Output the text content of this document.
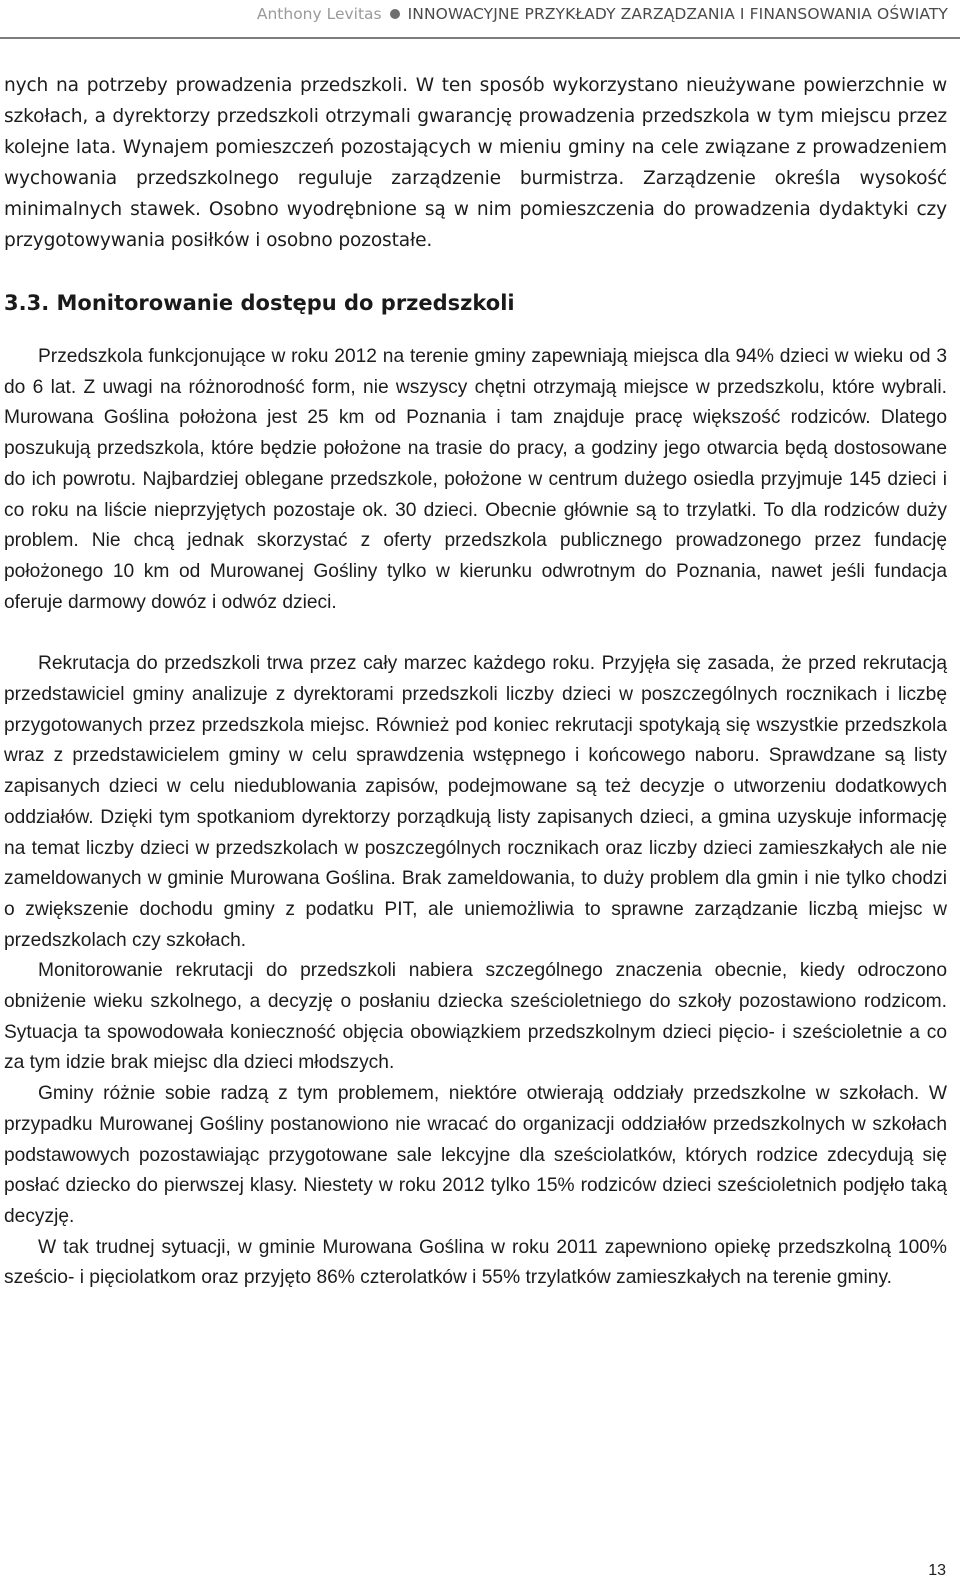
Anthony Levitas INNOWACYJNE PRZYKŁADY ZARZĄDZANIA I FINANSOWANIA OŚWIATY

nych na potrzeby prowadzenia przedszkoli. W ten sposób wykorzystano nieużywane powierzchnie w szkołach, a dyrektorzy przedszkoli otrzymali gwarancję prowadzenia przedszkola w tym miejscu przez kolejne lata. Wynajem pomieszczeń pozostających w mieniu gminy na cele związane z prowadzeniem wychowania przedszkolnego reguluje zarządzenie burmistrza. Zarządzenie określa wysokość minimalnych stawek. Osobno wyodrębnione są w nim pomieszczenia do prowadzenia dydaktyki czy przygotowywania posiłków i osobno pozostałe.

3.3. Monitorowanie dostępu do przedszkoli

Przedszkola funkcjonujące w roku 2012 na terenie gminy zapewniają miejsca dla 94% dzieci w wieku od 3 do 6 lat. Z uwagi na różnorodność form, nie wszyscy chętni otrzymają miejsce w przedszkolu, które wybrali. Murowana Goślina położona jest 25 km od Poznania i tam znajduje pracę większość rodziców. Dlatego poszukują przedszkola, które będzie położone na trasie do pracy, a godziny jego otwarcia będą dostosowane do ich powrotu. Najbardziej oblegane przedszkole, położone w centrum dużego osiedla przyjmuje 145 dzieci i co roku na liście nieprzyjętych pozostaje ok. 30 dzieci. Obecnie głównie są to trzylatki. To dla rodziców duży problem. Nie chcą jednak skorzystać z oferty przedszkola publicznego prowadzonego przez fundację położonego 10 km od Murowanej Gośliny tylko w kierunku odwrotnym do Poznania, nawet jeśli fundacja oferuje darmowy dowóz i odwóz dzieci.

Rekrutacja do przedszkoli trwa przez cały marzec każdego roku. Przyjęła się zasada, że przed rekrutacją przedstawiciel gminy analizuje z dyrektorami przedszkoli liczby dzieci w poszczególnych rocznikach i liczbę przygotowanych przez przedszkola miejsc. Również pod koniec rekrutacji spotykają się wszystkie przedszkola wraz z przedstawicielem gminy w celu sprawdzenia wstępnego i końcowego naboru. Sprawdzane są listy zapisanych dzieci w celu niedublowania zapisów, podejmowane są też decyzje o utworzeniu dodatkowych oddziałów. Dzięki tym spotkaniom dyrektorzy porządkują listy zapisanych dzieci, a gmina uzyskuje informację na temat liczby dzieci w przedszkolach w poszczególnych rocznikach oraz liczby dzieci zamieszkałych ale nie zameldowanych w gminie Murowana Goślina. Brak zameldowania, to duży problem dla gmin i nie tylko chodzi o zwiększenie dochodu gminy z podatku PIT, ale uniemożliwia to sprawne zarządzanie liczbą miejsc w przedszkolach czy szkołach.

Monitorowanie rekrutacji do przedszkoli nabiera szczególnego znaczenia obecnie, kiedy odroczono obniżenie wieku szkolnego, a decyzję o posłaniu dziecka sześcioletniego do szkoły pozostawiono rodzicom. Sytuacja ta spowodowała konieczność objęcia obowiązkiem przedszkolnym dzieci pięcio- i sześcioletnie a co za tym idzie brak miejsc dla dzieci młodszych.

Gminy różnie sobie radzą z tym problemem, niektóre otwierają oddziały przedszkolne w szkołach. W przypadku Murowanej Gośliny postanowiono nie wracać do organizacji oddziałów przedszkolnych w szkołach podstawowych pozostawiając przygotowane sale lekcyjne dla sześciolatków, których rodzice zdecydują się posłać dziecko do pierwszej klasy. Niestety w roku 2012 tylko 15% rodziców dzieci sześcioletnich podjęło taką decyzję.

W tak trudnej sytuacji, w gminie Murowana Goślina w roku 2011 zapewniono opiekę przedszkolną 100% sześcio- i pięciolatkom oraz przyjęto 86% czterolatków i 55% trzylatków zamieszkałych na terenie gminy.

13
